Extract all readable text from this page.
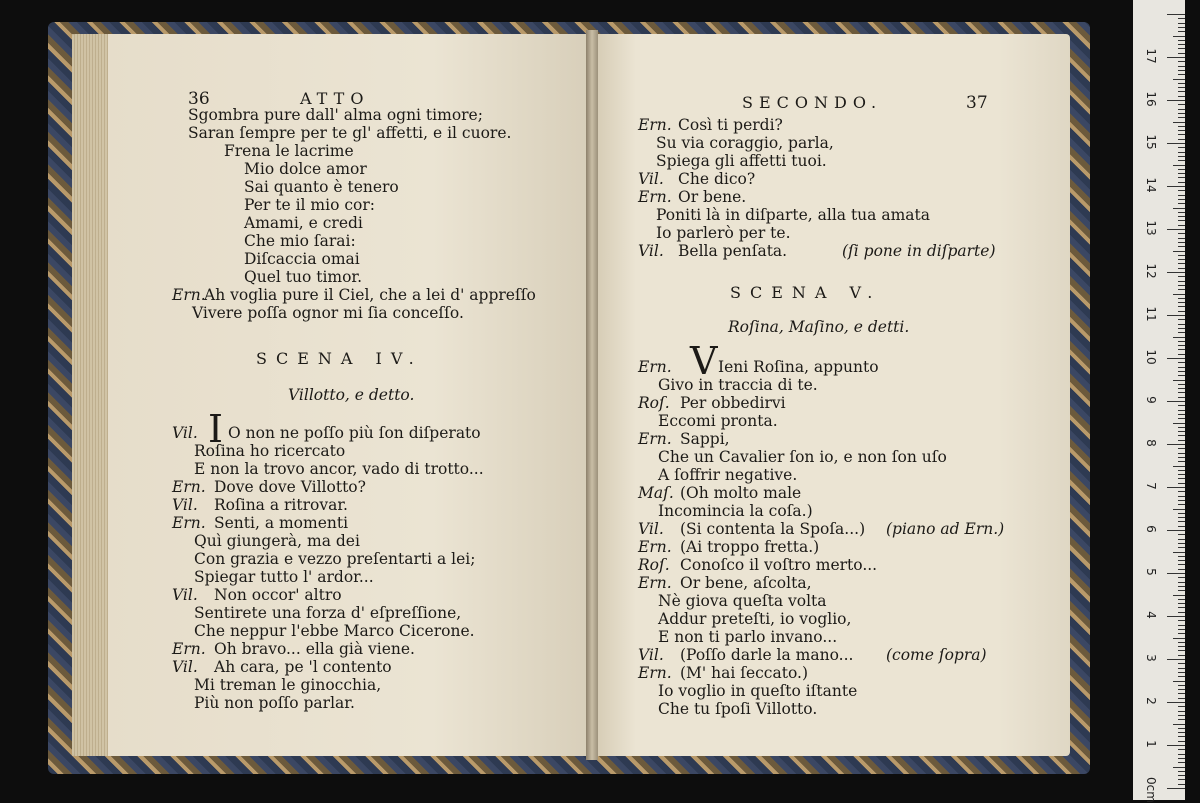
36	ATTO
Sgombra pure dall' alma ogni timore;
Saran ſempre per te gl' affetti, e il cuore.
Frena le lacrime
Mio dolce amor
Sai quanto è tenero
Per te il mio cor:
Amami, e credi
Che mio ſarai:
Diſcaccia omai
Quel tuo timor.
Ern.
Ah voglia pure il Ciel, che a lei d' appreſſo
Vivere poſſa ognor mi ſia conceſſo.
SCENA IV.
Villotto, e detto.
Vil. I O non ne poſſo più ſon diſperato
Roſina ho ricercato
E non la trovo ancor, vado di trotto...
Ern. Dove dove Villotto?
Vil. Roſina a ritrovar.
Ern. Senti, a momenti
Quì giungerà, ma dei
Con grazia e vezzo preſentarti a lei;
Spiegar tutto l' ardor...
Vil. Non occor' altro
Sentirete una forza d' eſpreſſione,
Che neppur l'ebbe Marco Cicerone.
Ern. Oh bravo... ella già viene.
Vil. Ah cara, pe 'l contento
Mi treman le ginocchia,
Più non poſſo parlar.
SECONDO.	37
Ern. Così ti perdi?
Su via coraggio, parla,
Spiega gli affetti tuoi.
Vil. Che dico?
Ern. Or bene.
Poniti là in diſparte, alla tua amata
Io parlerò per te.
Vil. Bella penſata.	(ſi pone in diſparte)
SCENA V.
Roſina, Maſino, e detti.
Ern. V Ieni Roſina, appunto
Givo in traccia di te.
Roſ. Per obbedirvi
Eccomi pronta.
Ern. Sappi,
Che un Cavalier ſon io, e non ſon uſo
A ſoffrir negative.
Maſ. (Oh molto male
Incomincia la coſa.)
Vil. (Si contenta la Spoſa...) (piano ad Ern.)
Ern. (Ai troppo fretta.)
Roſ. Conoſco il voſtro merto...
Ern. Or bene, aſcolta,
Nè giova queſta volta
Addur preteſti, io voglio,
E non ti parlo invano...
Vil. (Poſſo darle la mano... (come ſopra)
Ern. (M' hai ſeccato.)
Io voglio in queſto iſtante
Che tu ſpoſi Villotto.
0cm
1
2
3
4
5
6
7
8
9
10
11
12
13
14
15
16
17
